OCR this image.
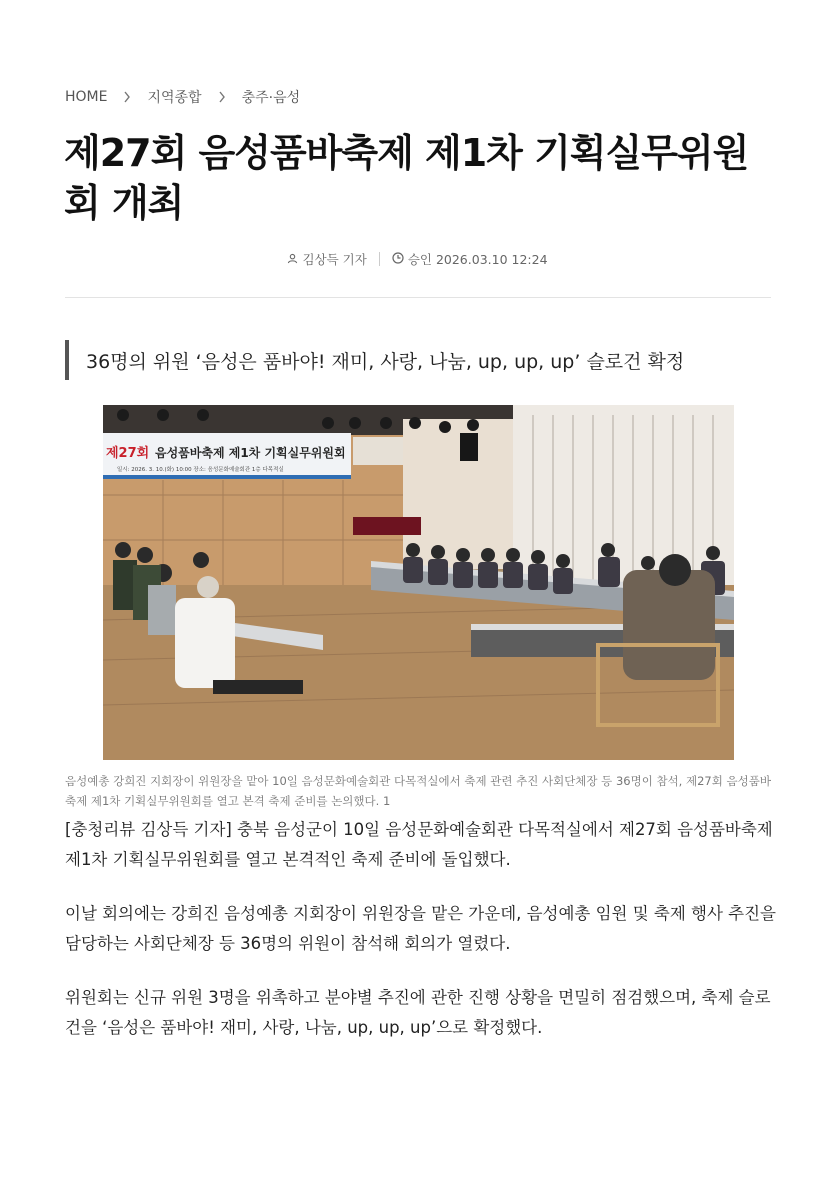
HOME	지역종합	충주·음성
제27회 음성품바축제 제1차 기획실무위원
회 개최
김상득 기자	승인 2026.03.10 12:24
36명의 위원 ‘음성은 품바야! 재미, 사랑, 나눔, up, up, up’ 슬로건 확정
제27회 음성품바축제 제1차 기획실무위원회
일시: 2026. 3. 10.(화) 10:00 장소: 음성문화예술회관 1층 다목적실
음성예총 강희진 지회장이 위원장을 맡아 10일 음성문화예술회관 다목적실에서 축제 관련 추진 사회단체장 등 36명이 참석, 제27회 음성품바축제 제1차 기획실무위원회를 열고 본격 축제 준비를 논의했다. 1

[충청리뷰 김상득 기자] 충북 음성군이 10일 음성문화예술회관 다목적실에서 제27회 음성품바축제 제1차 기획실무위원회를 열고 본격적인 축제 준비에 돌입했다.

이날 회의에는 강희진 음성예총 지회장이 위원장을 맡은 가운데, 음성예총 임원 및 축제 행사 추진을 담당하는 사회단체장 등 36명의 위원이 참석해 회의가 열렸다.

위원회는 신규 위원 3명을 위촉하고 분야별 추진에 관한 진행 상황을 면밀히 점검했으며, 축제 슬로건을 ‘음성은 품바야! 재미, 사랑, 나눔, up, up, up’으로 확정했다.
